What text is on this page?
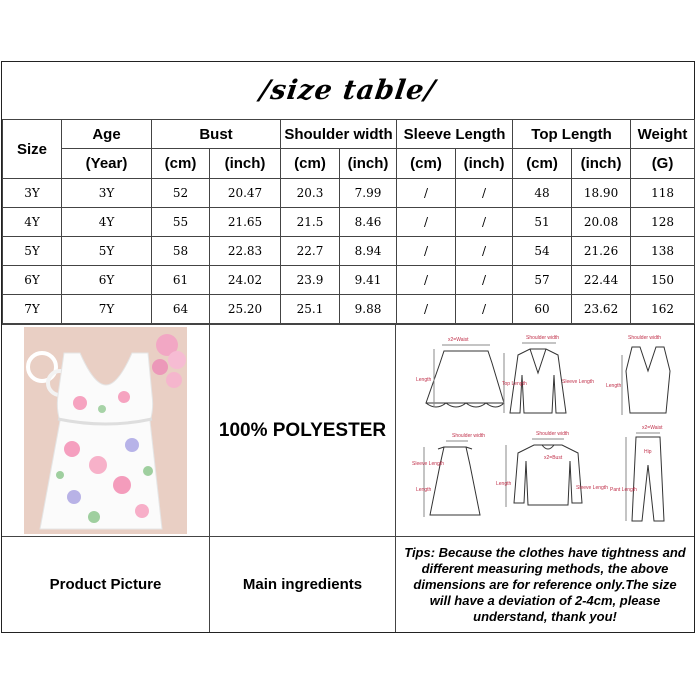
/size table/
Size	Age	Bust		Shoulder width		Sleeve Length		Top Length		Weight
	(Year)	(cm)	(inch)	(cm)	(inch)	(cm)	(inch)	(cm)	(inch)	(G)
3Y	3Y	52	20.47	20.3	7.99	/	/	48	18.90	118
4Y	4Y	55	21.65	21.5	8.46	/	/	51	20.08	128
5Y	5Y	58	22.83	22.7	8.94	/	/	54	21.26	138
6Y	6Y	61	24.02	23.9	9.41	/	/	57	22.44	150
7Y	7Y	64	25.20	25.1	9.88	/	/	60	23.62	162
100% POLYESTER
x2=Waist	Shoulder width	Shoulder width
Length
Top Length	Sleeve Length
Length
Shoulder width	Shoulder width
x2=Waist
Sleeve Length
x2=Bust
Hip
Length
Length
Sleeve Length Pant Length
Product Picture	Main ingredients
Tips: Because the clothes have tightness and different measuring methods, the above dimensions are for reference only.The size will have a deviation of 2-4cm, please understand, thank you!
